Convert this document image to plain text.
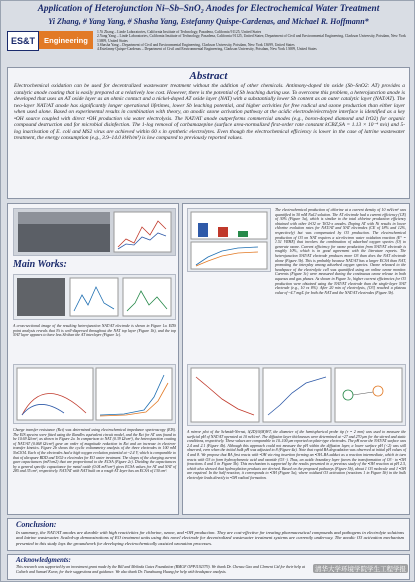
Application of Heterojunction Ni–Sb–SnO₂ Anodes for Electrochemical Water Treatment
Yi Zhang, # Yang Yang, # Shasha Yang, Estefanny Quispe-Cardenas, and Michael R. Hoffmann*
ES&T	Engineering
1.Yi Zhang – Linde Laboratories, California Institute of Technology, Pasadena, California 91125, United States
2.Yang Yang – Linde Laboratories, California Institute of Technology, Pasadena, California 91125, United States; Department of Civil and Environmental Engineering, Clarkson University, Potsdam, New York 13699, United States
3.Shasha Yang – Department of Civil and Environmental Engineering, Clarkson University, Potsdam, New York 13699, United States
4.Estefanny Quispe-Cardenas – Department of Civil and Environmental Engineering, Clarkson University, Potsdam, New York 13699, United States
Abstract
Electrochemical oxidation can be used for decentralized wastewater treatment without the addition of other chemicals. Antimony-doped tin oxide (Sb–SnO2: AT) provides a catalytic anode coating that is easily prepared at a relatively low cost. However, there is the potential of Sb leaching during use. To overcome this problem, a heterojunction anode is developed that uses an AT oxide layer as an ohmic contact and a nickel-doped AT oxide layer (NAT) with a substantially lower Sb content as an outer catalytic layer (NAT/AT). The two-layer NAT/AT anode has significantly longer operational lifetimes, lower Sb leaching potential, and higher activities for free radical and ozone production than either layer when used alone. Based on experimental results in combination with theory, an anodic ozone activation pathway at the acidic electrode/electrolyte interface is identified as a key •OH source coupled with direct •OH production via water electrolysis. The NAT/AT anode outperforms commercial anodes (e.g., boron-doped diamond and IrO2) for organic compound destruction and for microbial disinfection. The 1-log removal of carbamazepine (surface area-normalized first-order rate constant kCBZ,SA = 1.13 × 10⁻⁴ m/s) and 5-log inactivation of E. coli and MS2 virus are achieved within 60 s in synthetic electrolytes. Even though the electrochemical efficiency is lower in the case of latrine wastewater treatment, the energy consumption (e.g., 3.9–14.0 kWh/m³) is low compared to previously reported values.
Main Works:
A cross-sectional image of the resulting heterojunction NAT/AT electrode is shown in Figure 1a. EDS point analysis reveals that Ni is well-dispersed throughout the NAT top layer (Figure 1b), and the top NAT layer appears to have less Sb than the AT interlayer (Figure 1c).
Charge transfer resistance (Rct) was determined using electrochemical impedance spectroscopy (EIS). The EIS spectra were fitted using the Randles equivalent circuit model, and the Rct for AT was found to be 10.69 Ω/cm², as shown in Figure 2a. In comparison to NAT (0.39 Ω/cm²), the heterojunction coating of NAT/AT (0.068 Ω/cm²) gave an order of magnitude reduction in Rct and an increase in electron-transfer kinetics. Figure 2b shows the cyclic voltammetry analysis of the three electrodes in 100 mM NaClO4. Each of the electrodes had a high oxygen evolution potential at ~2.4 V, which is comparable to that of ultrapure BDD and TiO2-x electrodes for EO water treatment. The slopes of the charging current gave capacitances (mF/cm2) that are proportional to the ECSA (Figure 2c). Dividing the capacitances by a general specific capacitance for metal oxide (0.04 mF/cm²) gives ECSA values for AT and NAT of 285 and 35 cm², respectively. NAT/AT with NAT built on a rough AT layer has an ECSA of 130 cm².
The electrochemical production of chlorine at a current density of 10 mA/cm² was quantified in 30 mM NaCl solution. The AT electrode had a current efficiency (CE) of 30% (Figure 3a), which is similar to the total chlorine production efficiency obtained with other IrO2 or TiO2-x anodes. Doping AT with Ni results in lower chlorine evolution rates for NAT/AT and NAT electrodes (CE of 18% and 12%, respectively) but was compensated by O3 production. The electrochemical production of O3 on NAT requires a six-electron water oxidation reaction (E° = 1.51 VRHE) that involves the combination of adsorbed oxygen species (O) to generate ozone. Current efficiency for ozone production from NAT/AT electrode is roughly 10%, which is in good agreement with the literature reports. The heterojunction NAT/AT electrode produces more O3 than does the NAT electrode alone (Figure 3b). This is probably because NAT/AT has a larger ECSA than NAT, promoting the interplay among adsorbed oxygen species. Ozone released to the headspace of the electrolytic cell was quantified using an online ozone monitor. Currents (Figure 3c) were measured during the continuous ozone release in both aqueous and gas phases. As shown in Figure 3c, higher current efficiencies for O3 production were obtained using the NAT/AT electrode than the single-layer NAT electrode (e.g., 10 vs 8%). After 20 min of electrolysis, [O3] reached a plateau value of ~4.7 mg/L for both the NAT and the NAT/AT electrodes (Figure 3b).
A mirror plot of the Schmidt-Nernst, δ(2D)/δ(M)WT, the diameter of the hemispherical probe tip (r = 2 mm) was used to measure the surficial pH of NAT/AT operated at 10 mA/cm². The diffusion layer thicknesses were determined at ~27 and 270 μm for the stirred and static conditions, respectively. These values are comparable to 10–100 μm reported on plate-type electrodes. The pH near the NAT/AT surface was 2.4 and 2.1 (Figure 4b). Although this approach could not measure the pH within the diffusion layer, a lower surface pH (<2) was still observed, even when the initial bulk pH was adjusted to 8 (Figure 4a). Note that rapid BA degradation was observed at initial pH values of 4 and 8. We propose that BA first reacts with •OH via ring insertion forming an •OH–BA adduct as a reaction intermediate, which in turn reacts with O3 to form hydroxybenzoic acid and ozonide (O3⁻). Thus, an acidic boundary layer favors the transformation of O3⁻ to •OH (reactions 4 and 5 in Figure 5b). This mechanism is supported by the results presented in a previous study of the •OH reaction at pH 2.5, which also showed that hydroxylation products are derived. Based on the proposed pathways (Figure 5b), about 1 O3 molecule and 1 •OH are required. In the half-reaction, it corresponds to •OH (Figure 5a), where oxidized O3 activation (reactions 1 in Figure 5b) in the bulk electrolyte leads directly to •OH radical formation.
Conclusion:
In summary, the NAT/AT anodes are durable with high reactivities for chlorine, ozone, and •OH production. They are cost-effective for treating pharmaceutical compounds and pathogens in electrolyte solutions and latrine wastewater. Scaled-up demonstrations of EO treatment units using this novel electrode for decentralized wastewater treatment systems are currently underway. The anodic O3 activation mechanism presented in this study lays the groundwork for developing electrochemically assisted ozonation processes.
Acknowledgments:
This research was supported by an investment grant made by the Bill and Melinda Gates Foundation (BMGF OPP1192379). We thank Dr. Chenxu Gao and Clement Cid for their help at Caltech and Samuel Kwon, for their suggestions and guidance. We also thank Dr. Tianshuang Huang for help with headspace analysis.	清华大学环境学院学生工程学报
